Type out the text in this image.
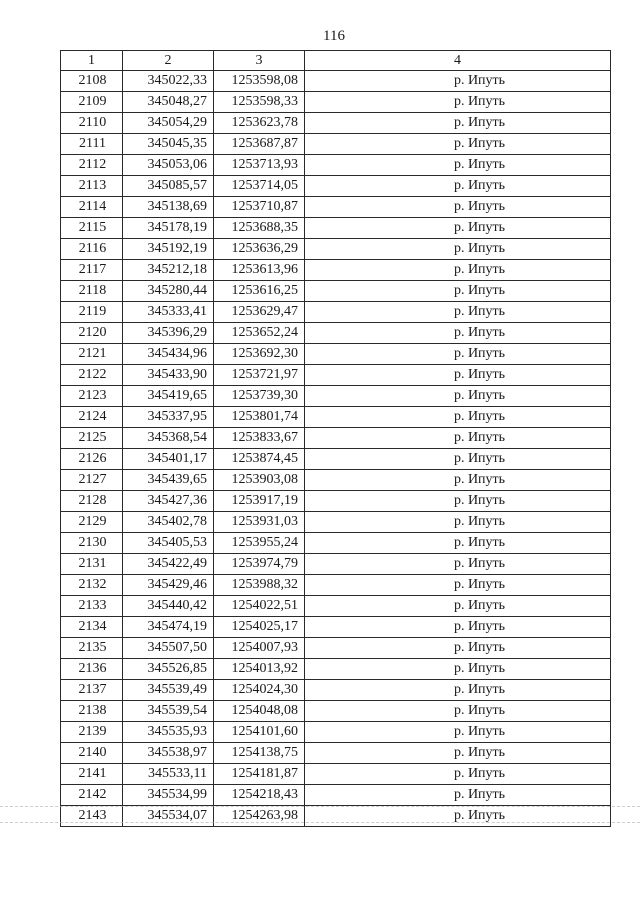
116
1	2	3	4
2108	345022,33	1253598,08	р. Ипуть
2109	345048,27	1253598,33	р. Ипуть
2110	345054,29	1253623,78	р. Ипуть
2111	345045,35	1253687,87	р. Ипуть
2112	345053,06	1253713,93	р. Ипуть
2113	345085,57	1253714,05	р. Ипуть
2114	345138,69	1253710,87	р. Ипуть
2115	345178,19	1253688,35	р. Ипуть
2116	345192,19	1253636,29	р. Ипуть
2117	345212,18	1253613,96	р. Ипуть
2118	345280,44	1253616,25	р. Ипуть
2119	345333,41	1253629,47	р. Ипуть
2120	345396,29	1253652,24	р. Ипуть
2121	345434,96	1253692,30	р. Ипуть
2122	345433,90	1253721,97	р. Ипуть
2123	345419,65	1253739,30	р. Ипуть
2124	345337,95	1253801,74	р. Ипуть
2125	345368,54	1253833,67	р. Ипуть
2126	345401,17	1253874,45	р. Ипуть
2127	345439,65	1253903,08	р. Ипуть
2128	345427,36	1253917,19	р. Ипуть
2129	345402,78	1253931,03	р. Ипуть
2130	345405,53	1253955,24	р. Ипуть
2131	345422,49	1253974,79	р. Ипуть
2132	345429,46	1253988,32	р. Ипуть
2133	345440,42	1254022,51	р. Ипуть
2134	345474,19	1254025,17	р. Ипуть
2135	345507,50	1254007,93	р. Ипуть
2136	345526,85	1254013,92	р. Ипуть
2137	345539,49	1254024,30	р. Ипуть
2138	345539,54	1254048,08	р. Ипуть
2139	345535,93	1254101,60	р. Ипуть
2140	345538,97	1254138,75	р. Ипуть
2141	345533,11	1254181,87	р. Ипуть
2142	345534,99	1254218,43	р. Ипуть
2143	345534,07	1254263,98	р. Ипуть
